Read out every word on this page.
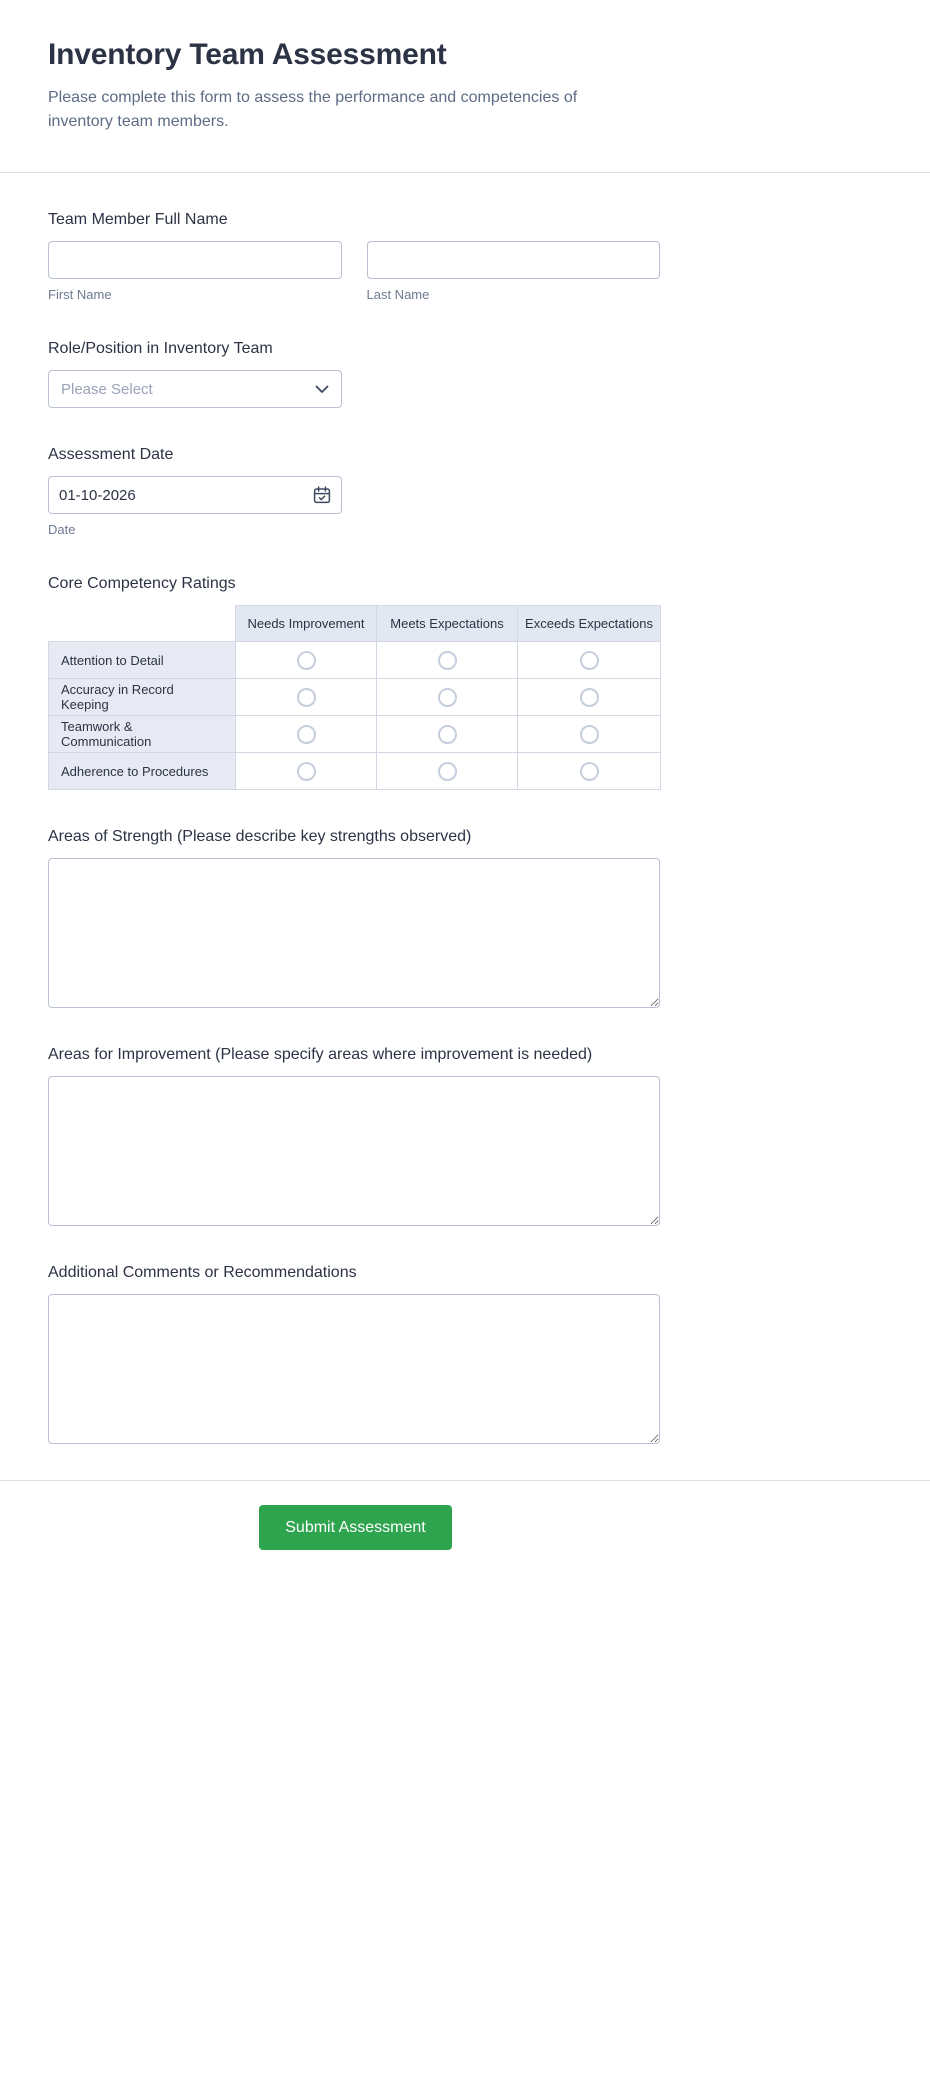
Inventory Team Assessment

Please complete this form to assess the performance and competencies of inventory team members.

Team Member Full Name
First Name	Last Name
Role/Position in Inventory Team
Please Select
Assessment Date
01-10-2026
Date
Core Competency Ratings
	Needs Improvement	Meets Expectations	Exceeds Expectations
Attention to Detail			
Accuracy in Record Keeping			
Teamwork & Communication			
Adherence to Procedures			
Areas of Strength (Please describe key strengths observed)
Areas for Improvement (Please specify areas where improvement is needed)
Additional Comments or Recommendations
Submit Assessment
